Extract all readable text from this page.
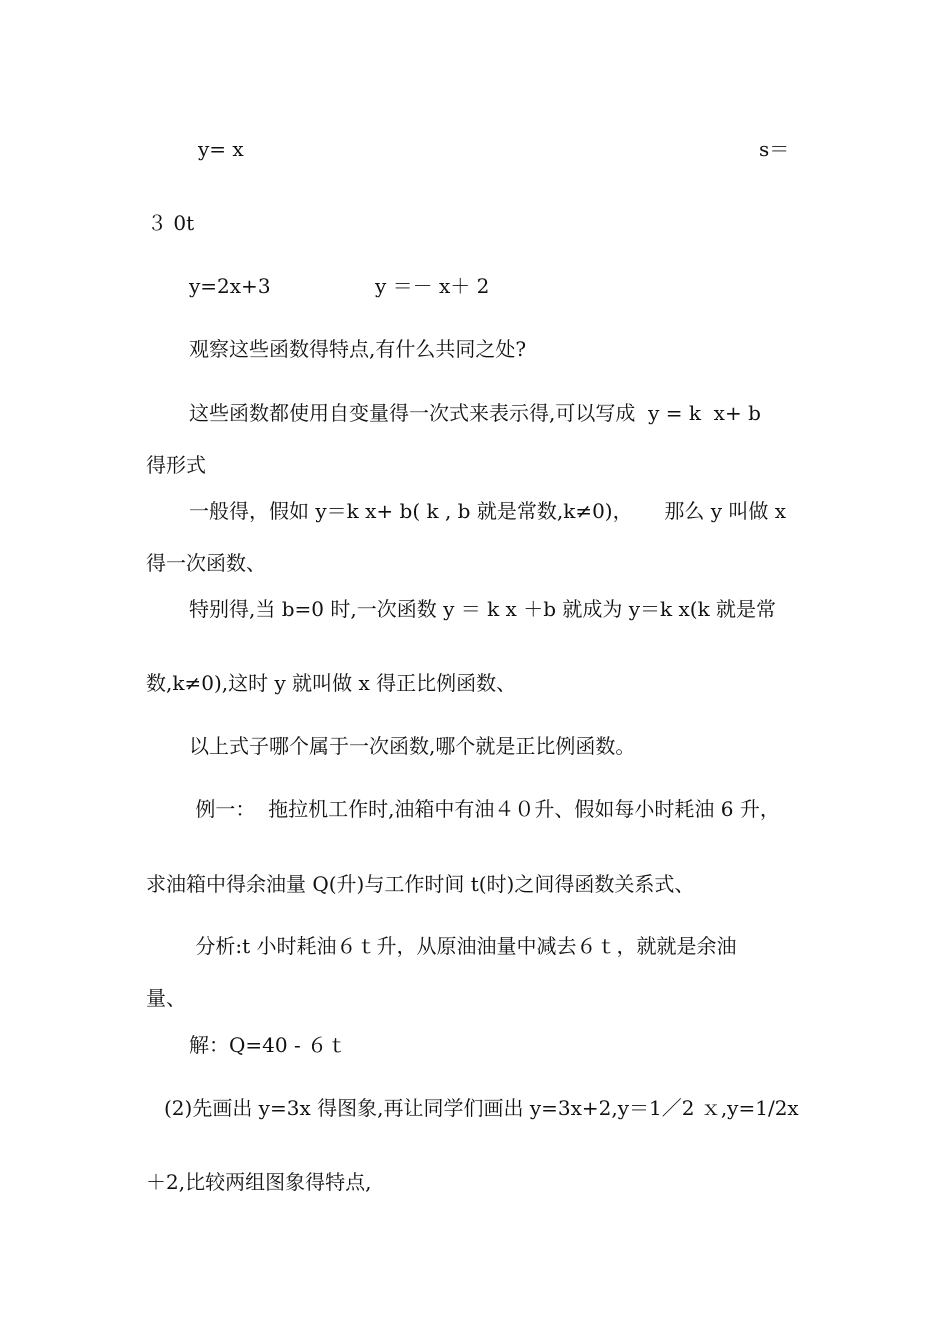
y= x	s＝
３ 0t
y=2x+3	y ＝－ x＋ 2
观察这些函数得特点,有什么共同之处?
这些函数都使用自变量得一次式来表示得,可以写成  y = k  x+ b
得形式
一般得，假如 y＝k x+ b( k , b 就是常数,k≠0)，     那么 y 叫做 x
得一次函数、
特别得,当 b=0 时,一次函数 y ＝ k x ＋b 就成为 y＝k x(k 就是常
数,k≠0),这时 y 就叫做 x 得正比例函数、
以上式子哪个属于一次函数,哪个就是正比例函数。
例一：  拖拉机工作时,油箱中有油４０升、假如每小时耗油 6 升，
求油箱中得余油量 Q(升)与工作时间 t(时)之间得函数关系式、
分析:t 小时耗油６ｔ升，从原油油量中减去６ｔ，就就是余油
量、
解：Q=40 - ６ｔ
(2)先画出 y=3x 得图象,再让同学们画出 y=3x+2,y＝1／2 ｘ,y=1/2x
＋2,比较两组图象得特点,
